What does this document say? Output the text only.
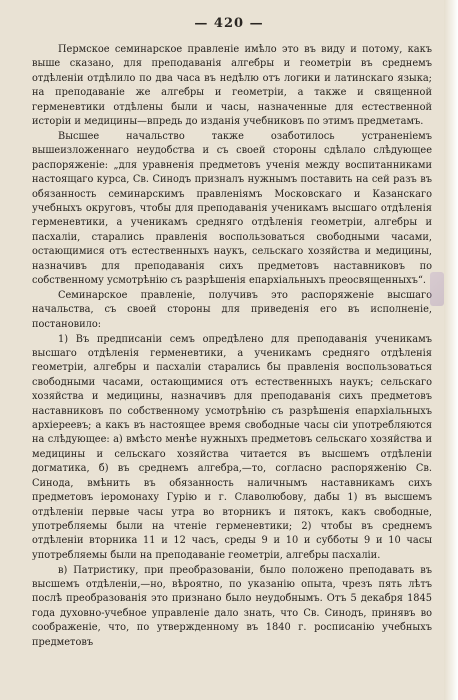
— 420 —

Пермское семинарское правленіе имѣло это въ виду и потому, какъ выше сказано, для преподаванія алгебры и геометріи въ среднемъ отдѣленіи отдѣлило по два часа въ недѣлю отъ логики и латинскаго языка; на преподаваніе же алгебры и геометріи, а также и священной герменевтики отдѣлены были и часы, назначенные для естественной исторіи и медицины—впредь до изданія учебниковъ по этимъ предметамъ.

Высшее начальство также озаботилось устраненіемъ вышеизложеннаго неудобства и съ своей стороны сдѣлало слѣдующее распоряженіе: „для уравненія предметовъ ученія между воспитанниками настоящаго курса, Св. Синодъ призналъ нужнымъ поставить на сей разъ въ обязанность семинарскимъ правленіямъ Московскаго и Казанскаго учебныхъ округовъ, чтобы для преподаванія ученикамъ высшаго отдѣленія герменевтики, а ученикамъ средняго отдѣленія геометріи, алгебры и пасхаліи, старались правленія воспользоваться свободными часами, остающимися отъ естественныхъ наукъ, сельскаго хозяйства и медицины, назначивъ для преподаванія сихъ предметовъ наставниковъ по собственному усмотрѣнію съ разрѣшенія епархіальныхъ преосвященныхъ“.

Семинарское правленіе, получивъ это распоряженіе высшаго начальства, съ своей стороны для приведенія его въ исполненіе, постановило:

1) Въ предписаніи семъ опредѣлено для преподаванія ученикамъ высшаго отдѣленія герменевтики, а ученикамъ средняго отдѣленія геометріи, алгебры и пасхаліи старались бы правленія воспользоваться свободными часами, остающимися отъ естественныхъ наукъ; сельскаго хозяйства и медицины, назначивъ для преподаванія сихъ предметовъ наставниковъ по собственному усмотрѣнію съ разрѣшенія епархіальныхъ архіереевъ; а какъ въ настоящее время свободные часы сіи употребляются на слѣдующее: а) вмѣсто менѣе нужныхъ предметовъ сельскаго хозяйства и медицины и сельскаго хозяйства читается въ высшемъ отдѣленіи догматика, б) въ среднемъ алгебра,—то, согласно распоряженію Св. Синода, вмѣнить въ обязанность наличнымъ наставникамъ сихъ предметовъ іеромонаху Гурію и г. Славолюбову, дабы 1) въ высшемъ отдѣленіи первые часы утра во вторникъ и пятокъ, какъ свободные, употребляемы были на чтеніе герменевтики; 2) чтобы въ среднемъ отдѣленіи вторника 11 и 12 часъ, среды 9 и 10 и субботы 9 и 10 часы употребляемы были на преподаваніе геометріи, алгебры пасхаліи.

в) Патристику, при преобразованіи, было положено преподавать въ высшемъ отдѣленіи,—но, вѣроятно, по указанію опыта, чрезъ пять лѣтъ послѣ преобразованія это признано было неудобнымъ. Отъ 5 декабря 1845 года духовно-учебное управленіе дало знать, что Св. Синодъ, принявъ во соображеніе, что, по утвержденному въ 1840 г. росписанію учебныхъ предметовъ
